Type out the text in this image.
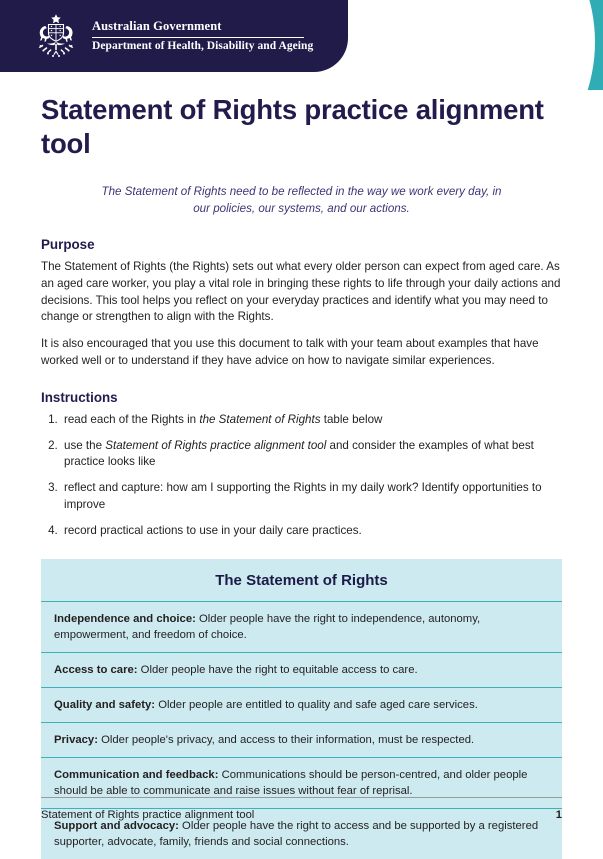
Australian Government
Department of Health, Disability and Ageing
Statement of Rights practice alignment tool

The Statement of Rights need to be reflected in the way we work every day, in our policies, our systems, and our actions.

Purpose

The Statement of Rights (the Rights) sets out what every older person can expect from aged care. As an aged care worker, you play a vital role in bringing these rights to life through your daily actions and decisions. This tool helps you reflect on your everyday practices and identify what you may need to change or strengthen to align with the Rights.

It is also encouraged that you use this document to talk with your team about examples that have worked well or to understand if they have advice on how to navigate similar experiences.

Instructions
1. read each of the Rights in the Statement of Rights table below
2. use the Statement of Rights practice alignment tool and consider the examples of what best practice looks like
3. reflect and capture: how am I supporting the Rights in my daily work? Identify opportunities to improve
4. record practical actions to use in your daily care practices.
The Statement of Rights
Independence and choice: Older people have the right to independence, autonomy, empowerment, and freedom of choice.
Access to care: Older people have the right to equitable access to care.
Quality and safety: Older people are entitled to quality and safe aged care services.
Privacy: Older people's privacy, and access to their information, must be respected.
Communication and feedback: Communications should be person-centred, and older people should be able to communicate and raise issues without fear of reprisal.
Support and advocacy: Older people have the right to access and be supported by a registered supporter, advocate, family, friends and social connections.
Statement of Rights practice alignment tool	1
